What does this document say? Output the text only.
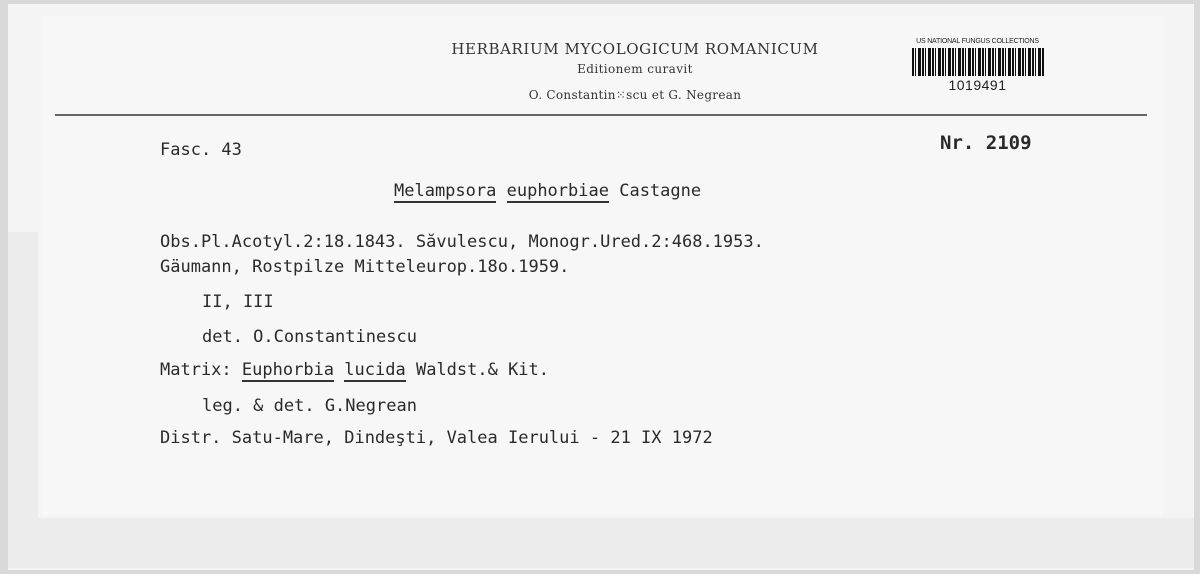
HERBARIUM MYCOLOGICUM ROMANICUM
Editionem curavit
O. Constantin⁙scu et G. Negrean
US NATIONAL FUNGUS COLLECTIONS
1019491
Fasc. 43	Nr. 2109
Melampsora euphorbiae Castagne
Obs.Pl.Acotyl.2:18.1843. Săvulescu, Monogr.Ured.2:468.1953.
Gäumann, Rostpilze Mitteleurop.18o.1959.
II, III
det. O.Constantinescu
Matrix: Euphorbia lucida Waldst.& Kit.
leg. & det. G.Negrean
Distr. Satu-Mare, Dindeşti, Valea Ierului - 21 IX 1972
